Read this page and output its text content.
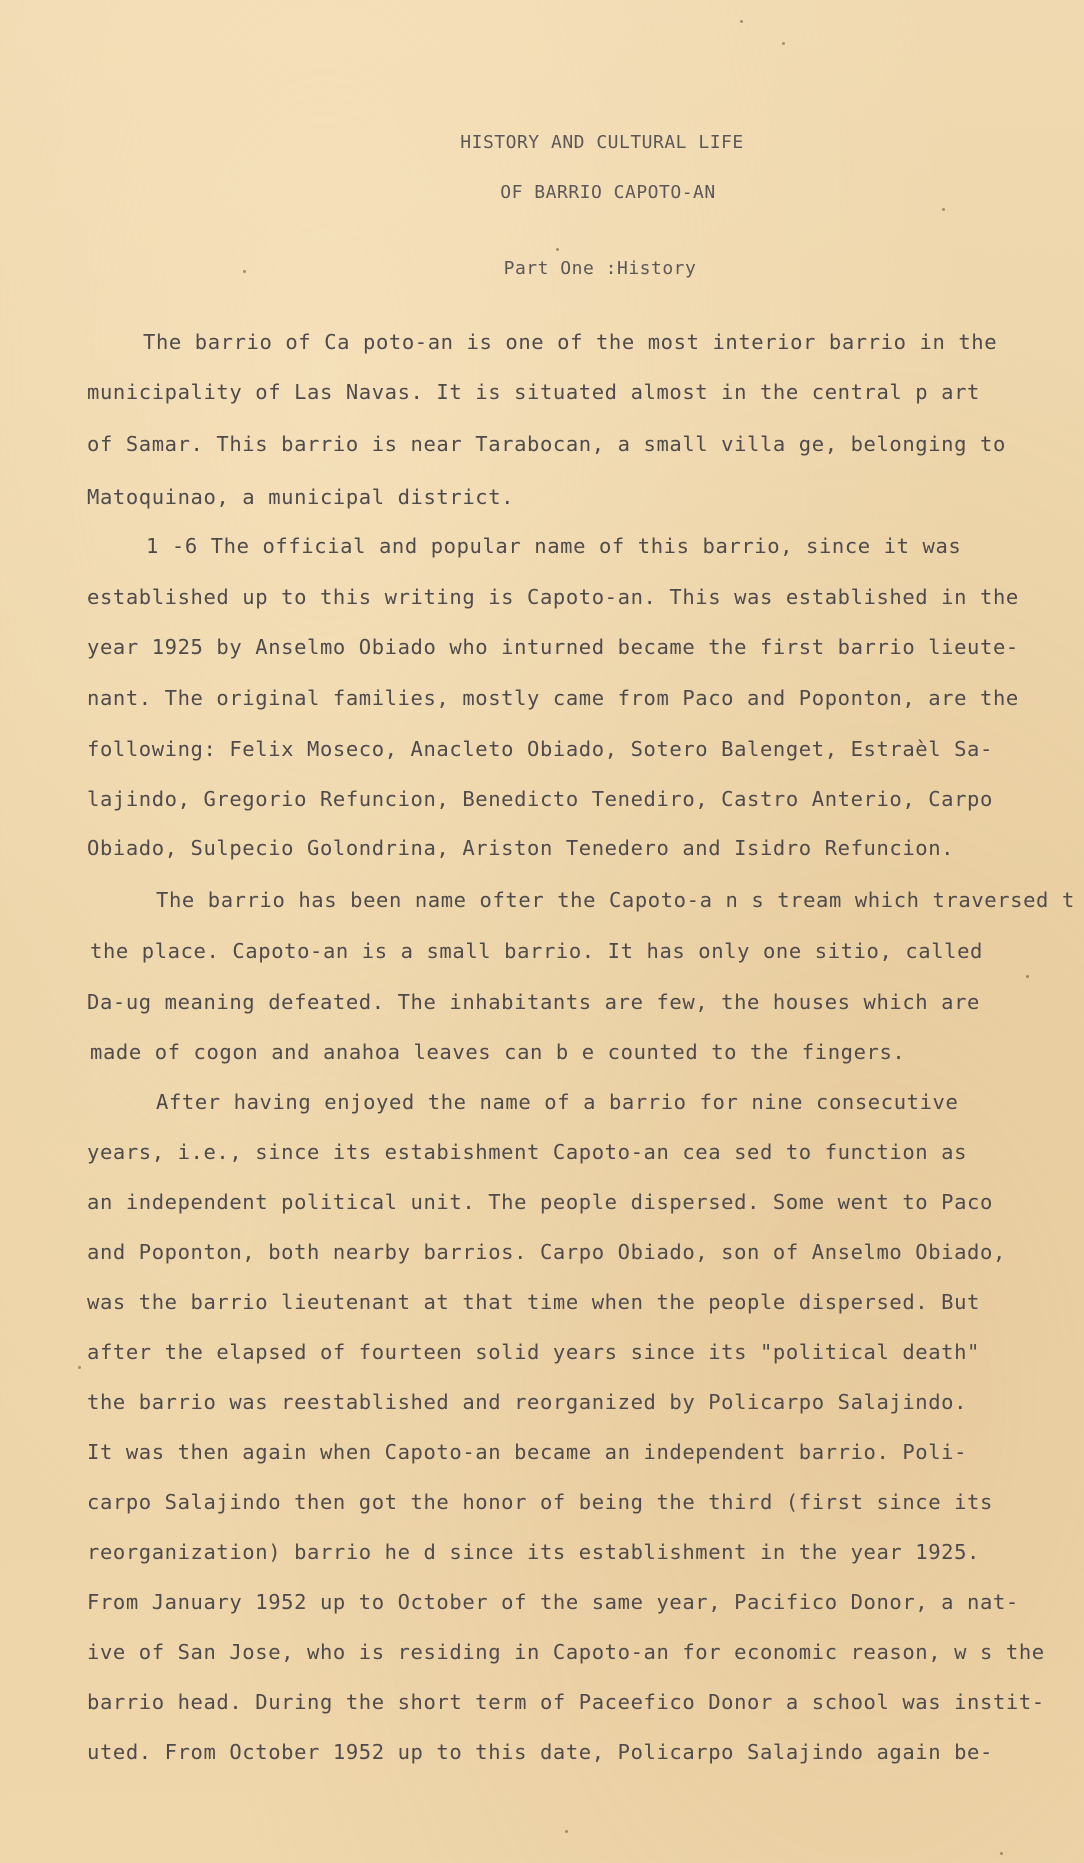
HISTORY AND CULTURAL LIFE
OF BARRIO CAPOTO-AN
Part One :History
The barrio of Ca poto-an is one of the most interior barrio in the
municipality of Las Navas. It is situated almost in the central p art
of Samar. This barrio is near Tarabocan, a small villa ge, belonging to
Matoquinao, a municipal district.
1 -6 The official and popular name of this barrio, since it was
established up to this writing is Capoto-an. This was established in the
year 1925 by Anselmo Obiado who inturned became the first barrio lieute-
nant. The original families, mostly came from Paco and Poponton, are the
following: Felix Moseco, Anacleto Obiado, Sotero Balenget, Estraèl Sa-
lajindo, Gregorio Refuncion, Benedicto Tenediro, Castro Anterio, Carpo
Obiado, Sulpecio Golondrina, Ariston Tenedero and Isidro Refuncion.
The barrio has been name ofter the Capoto-a n s tream which traversed t
the place. Capoto-an is a small barrio. It has only one sitio, called
Da-ug meaning defeated. The inhabitants are few, the houses which are
made of cogon and anahoa leaves can b e counted to the fingers.
After having enjoyed the name of a barrio for nine consecutive
years, i.e., since its estabishment Capoto-an cea sed to function as
an independent political unit. The people dispersed. Some went to Paco
and Poponton, both nearby barrios. Carpo Obiado, son of Anselmo Obiado,
was the barrio lieutenant at that time when the people dispersed. But
after the elapsed of fourteen solid years since its "political death"
the barrio was reestablished and reorganized by Policarpo Salajindo.
It was then again when Capoto-an became an independent barrio. Poli-
carpo Salajindo then got the honor of being the third (first since its
reorganization) barrio he d since its establishment in the year 1925.
From January 1952 up to October of the same year, Pacifico Donor, a nat-
ive of San Jose, who is residing in Capoto-an for economic reason, w s the
barrio head. During the short term of Paceefico Donor a school was instit-
uted. From October 1952 up to this date, Policarpo Salajindo again be-
